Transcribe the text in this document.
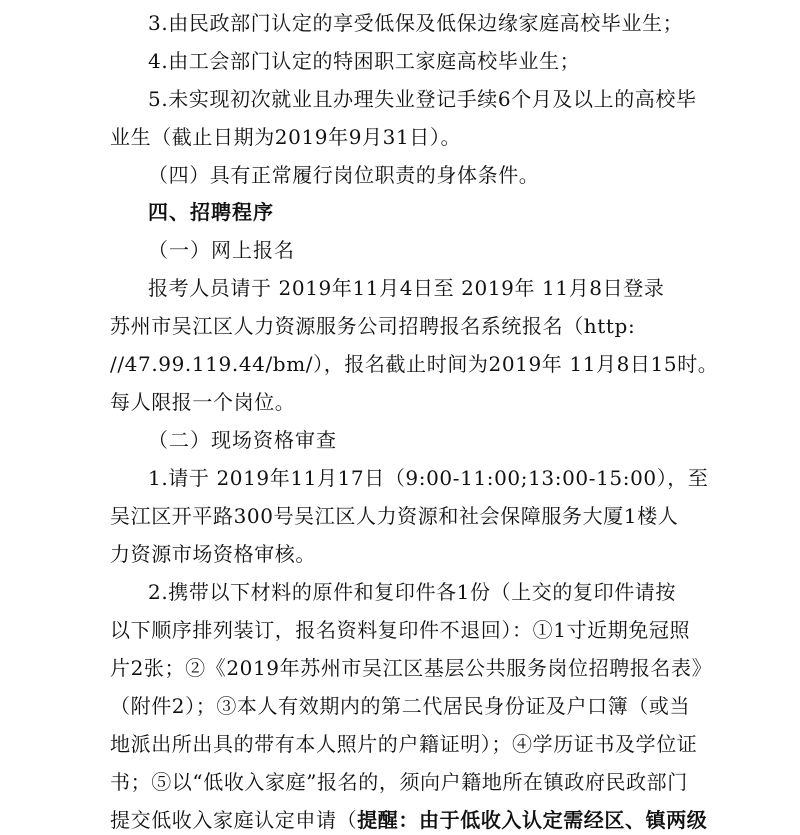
3.由民政部门认定的享受低保及低保边缘家庭高校毕业生；
4.由工会部门认定的特困职工家庭高校毕业生；
5.未实现初次就业且办理失业登记手续6个月及以上的高校毕
业生（截止日期为2019年9月31日）。
（四）具有正常履行岗位职责的身体条件。
四、招聘程序
（一）网上报名
报考人员请于 2019年11月4日至 2019年 11月8日登录
苏州市吴江区人力资源服务公司招聘报名系统报名（http:
//47.99.119.44/bm/），报名截止时间为2019年 11月8日15时。
每人限报一个岗位。
（二）现场资格审查
1.请于 2019年11月17日（9:00-11:00;13:00-15:00），至
吴江区开平路300号吴江区人力资源和社会保障服务大厦1楼人
力资源市场资格审核。
2.携带以下材料的原件和复印件各1份（上交的复印件请按
以下顺序排列装订，报名资料复印件不退回）：①1寸近期免冠照
片2张；②《2019年苏州市吴江区基层公共服务岗位招聘报名表》
（附件2）；③本人有效期内的第二代居民身份证及户口簿（或当
地派出所出具的带有本人照片的户籍证明）；④学历证书及学位证
书；⑤以“低收入家庭”报名的，须向户籍地所在镇政府民政部门
提交低收入家庭认定申请（提醒：由于低收入认定需经区、镇两级
